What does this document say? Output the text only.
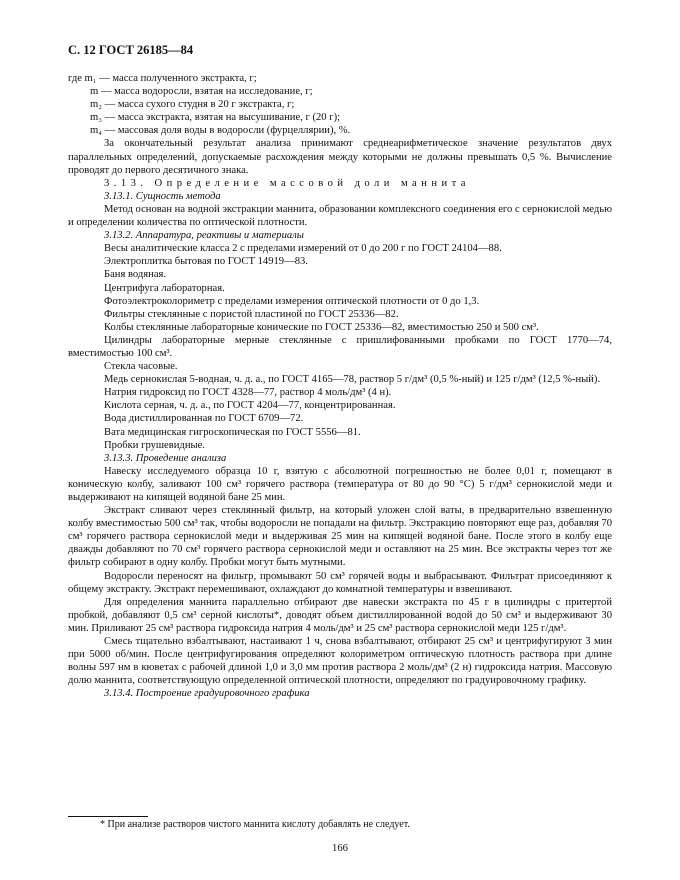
С. 12 ГОСТ 26185—84

где m₁ — масса полученного экстракта, г;

m — масса водоросли, взятая на исследование, г;

m₂ — масса сухого студня в 20 г экстракта, г;

m₃ — масса экстракта, взятая на высушивание, г (20 г);

m₄ — массовая доля воды в водоросли (фурцеллярии), %.

За окончательный результат анализа принимают среднеарифметическое значение результатов двух параллельных определений, допускаемые расхождения между которыми не должны превышать 0,5 %. Вычисление проводят до первого десятичного знака.

3.13. Определение массовой доли маннита

3.13.1. Сущность метода

Метод основан на водной экстракции маннита, образовании комплексного соединения его с сернокислой медью и определении количества по оптической плотности.

3.13.2. Аппаратура, реактивы и материалы

Весы аналитические класса 2 с пределами измерений от 0 до 200 г по ГОСТ 24104—88.

Электроплитка бытовая по ГОСТ 14919—83.

Баня водяная.

Центрифуга лабораторная.

Фотоэлектроколориметр с пределами измерения оптической плотности от 0 до 1,3.

Фильтры стеклянные с пористой пластиной по ГОСТ 25336—82.

Колбы стеклянные лабораторные конические по ГОСТ 25336—82, вместимостью 250 и 500 см³.

Цилиндры лабораторные мерные стеклянные с пришлифованными пробками по ГОСТ 1770—74, вместимостью 100 см³.

Стекла часовые.

Медь сернокислая 5-водная, ч. д. а., по ГОСТ 4165—78, раствор 5 г/дм³ (0,5 %-ный) и 125 г/дм³ (12,5 %-ный).

Натрия гидроксид по ГОСТ 4328—77, раствор 4 моль/дм³ (4 н).

Кислота серная, ч. д. а., по ГОСТ 4204—77, концентрированная.

Вода дистиллированная по ГОСТ 6709—72.

Вата медицинская гигроскопическая по ГОСТ 5556—81.

Пробки грушевидные.

3.13.3. Проведение анализа

Навеску исследуемого образца 10 г, взятую с абсолютной погрешностью не более 0,01 г, помещают в коническую колбу, заливают 100 см³ горячего раствора (температура от 80 до 90 °С) 5 г/дм³ сернокислой меди и выдерживают на кипящей водяной бане 25 мин.

Экстракт сливают через стеклянный фильтр, на который уложен слой ваты, в предварительно взвешенную колбу вместимостью 500 см³ так, чтобы водоросли не попадали на фильтр. Экстракцию повторяют еще раз, добавляя 70 см³ горячего раствора сернокислой меди и выдерживая 25 мин на кипящей водяной бане. После этого в колбу еще дважды добавляют по 70 см³ горячего раствора сернокислой меди и оставляют на 25 мин. Все экстракты через тот же фильтр собирают в одну колбу. Пробки могут быть мутными.

Водоросли переносят на фильтр, промывают 50 см³ горячей воды и выбрасывают. Фильтрат присоединяют к общему экстракту. Экстракт перемешивают, охлаждают до комнатной температуры и взвешивают.

Для определения маннита параллельно отбирают две навески экстракта по 45 г в цилиндры с притертой пробкой, добавляют 0,5 см³ серной кислоты*, доводят объем дистиллированной водой до 50 см³ и выдерживают 30 мин. Приливают 25 см³ раствора гидроксида натрия 4 моль/дм³ и 25 см³ раствора сернокислой меди 125 г/дм³.

Смесь тщательно взбалтывают, настаивают 1 ч, снова взбалтывают, отбирают 25 см³ и центрифугируют 3 мин при 5000 об/мин. После центрифугирования определяют колориметром оптическую плотность раствора при длине волны 597 нм в кюветах с рабочей длиной 1,0 и 3,0 мм против раствора 2 моль/дм³ (2 н) гидроксида натрия. Массовую долю маннита, соответствующую определенной оптической плотности, определяют по градуировочному графику.

3.13.4. Построение градуировочного графика

* При анализе растворов чистого маннита кислоту добавлять не следует.
166
